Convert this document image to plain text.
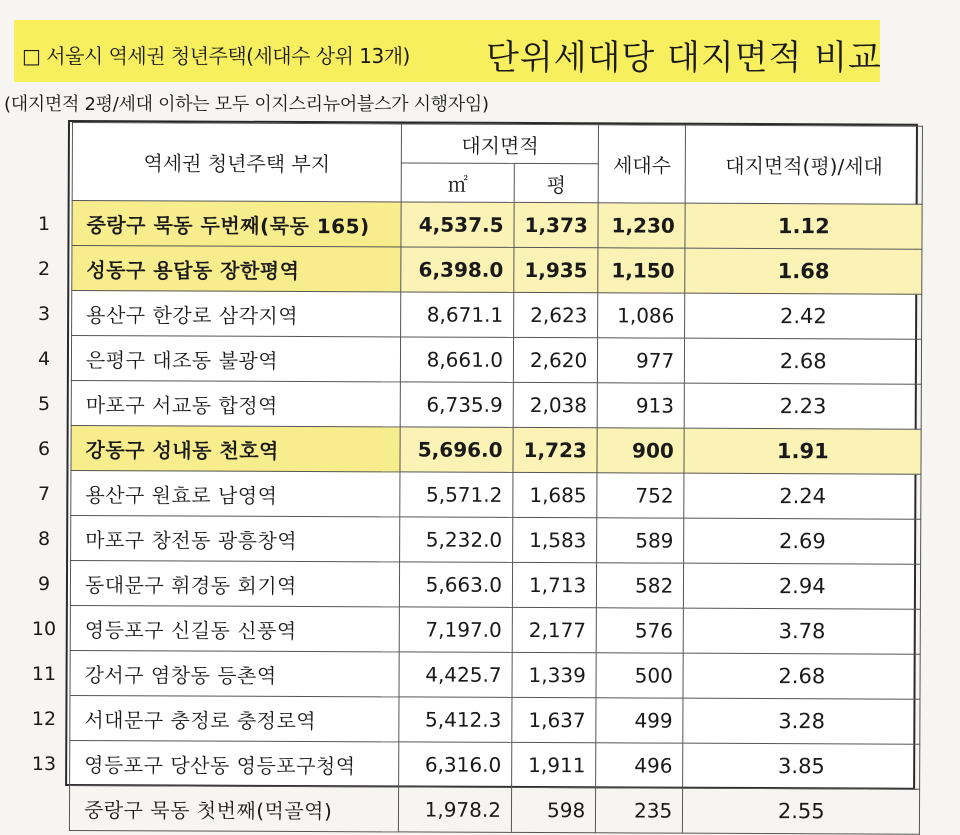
□ 서울시 역세권 청년주택(세대수 상위 13개) 단위세대당 대지면적 비교
(대지면적 2평/세대 이하는 모두 이지스리뉴어블스가 시행자임)
1
2
3
4
5
6
7
8
9
10
11
12
13
역세권 청년주택 부지	대지면적		세대수	대지면적(평)/세대
	㎡	평		
중랑구 묵동 두번째(묵동 165)	4,537.5	1,373	1,230	1.12
성동구 용답동 장한평역	6,398.0	1,935	1,150	1.68
용산구 한강로 삼각지역	8,671.1	2,623	1,086	2.42
은평구 대조동 불광역	8,661.0	2,620	977	2.68
마포구 서교동 합정역	6,735.9	2,038	913	2.23
강동구 성내동 천호역	5,696.0	1,723	900	1.91
용산구 원효로 남영역	5,571.2	1,685	752	2.24
마포구 창전동 광흥창역	5,232.0	1,583	589	2.69
동대문구 휘경동 회기역	5,663.0	1,713	582	2.94
영등포구 신길동 신풍역	7,197.0	2,177	576	3.78
강서구 염창동 등촌역	4,425.7	1,339	500	2.68
서대문구 충정로 충정로역	5,412.3	1,637	499	3.28
영등포구 당산동 영등포구청역	6,316.0	1,911	496	3.85
중랑구 묵동 첫번째(먹골역)	1,978.2	598	235	2.55
